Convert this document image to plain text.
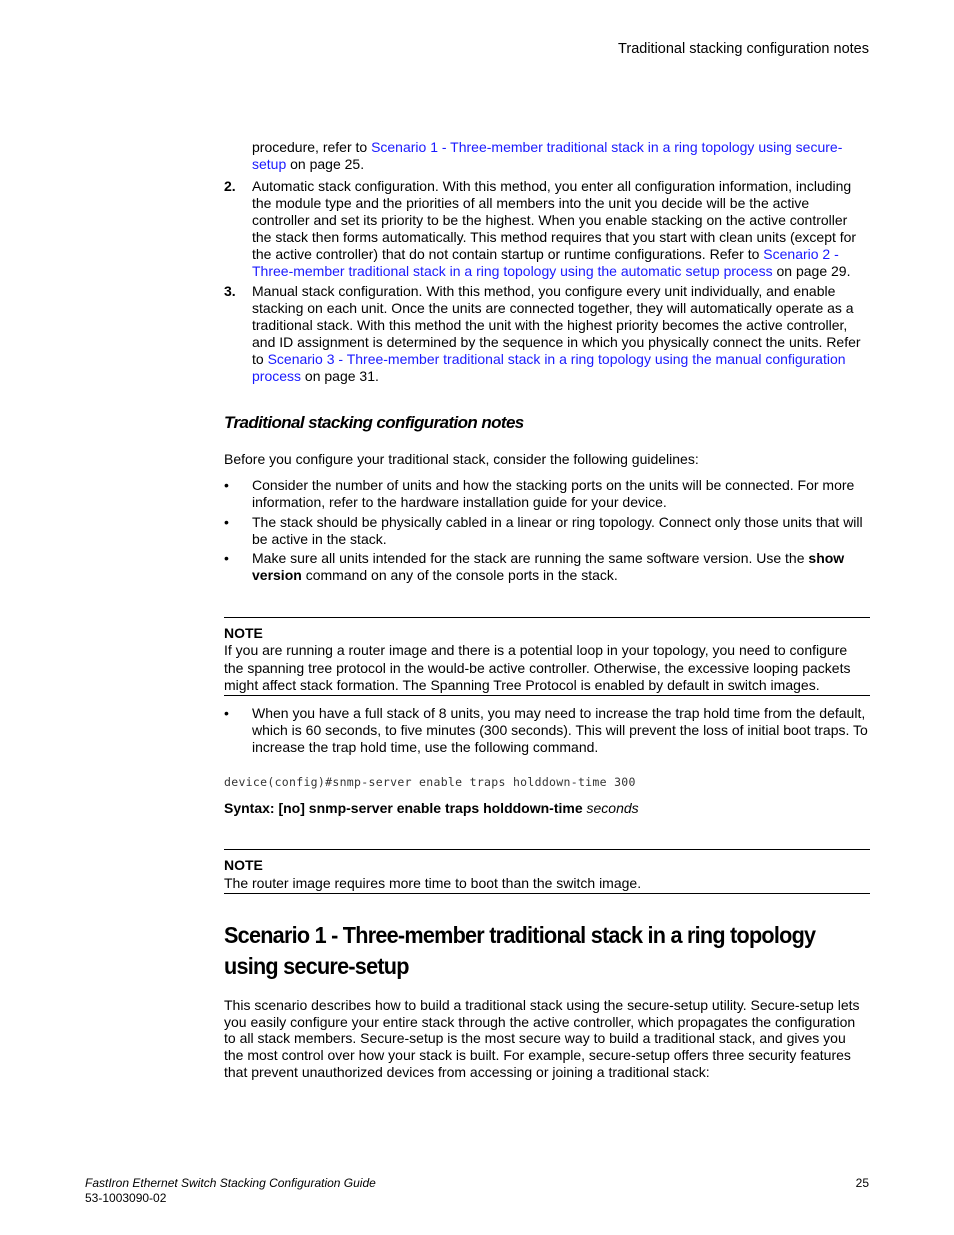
Traditional stacking configuration notes
procedure, refer to Scenario 1 - Three-member traditional stack in a ring topology using secure-setup on page 25.
2. Automatic stack configuration. With this method, you enter all configuration information, including the module type and the priorities of all members into the unit you decide will be the active controller and set its priority to be the highest. When you enable stacking on the active controller the stack then forms automatically. This method requires that you start with clean units (except for the active controller) that do not contain startup or runtime configurations. Refer to Scenario 2 - Three-member traditional stack in a ring topology using the automatic setup process on page 29.
3. Manual stack configuration. With this method, you configure every unit individually, and enable stacking on each unit. Once the units are connected together, they will automatically operate as a traditional stack. With this method the unit with the highest priority becomes the active controller, and ID assignment is determined by the sequence in which you physically connect the units. Refer to Scenario 3 - Three-member traditional stack in a ring topology using the manual configuration process on page 31.
Traditional stacking configuration notes
Before you configure your traditional stack, consider the following guidelines:
• Consider the number of units and how the stacking ports on the units will be connected. For more information, refer to the hardware installation guide for your device.
• The stack should be physically cabled in a linear or ring topology. Connect only those units that will be active in the stack.
• Make sure all units intended for the stack are running the same software version. Use the show version command on any of the console ports in the stack.
NOTE
If you are running a router image and there is a potential loop in your topology, you need to configure the spanning tree protocol in the would-be active controller. Otherwise, the excessive looping packets might affect stack formation. The Spanning Tree Protocol is enabled by default in switch images.
• When you have a full stack of 8 units, you may need to increase the trap hold time from the default, which is 60 seconds, to five minutes (300 seconds). This will prevent the loss of initial boot traps. To increase the trap hold time, use the following command.
device(config)#snmp-server enable traps holddown-time 300
Syntax: [no] snmp-server enable traps holddown-time seconds
NOTE
The router image requires more time to boot than the switch image.
Scenario 1 - Three-member traditional stack in a ring topology using secure-setup
This scenario describes how to build a traditional stack using the secure-setup utility. Secure-setup lets you easily configure your entire stack through the active controller, which propagates the configuration to all stack members. Secure-setup is the most secure way to build a traditional stack, and gives you the most control over how your stack is built. For example, secure-setup offers three security features that prevent unauthorized devices from accessing or joining a traditional stack:
FastIron Ethernet Switch Stacking Configuration Guide
53-1003090-02
25
